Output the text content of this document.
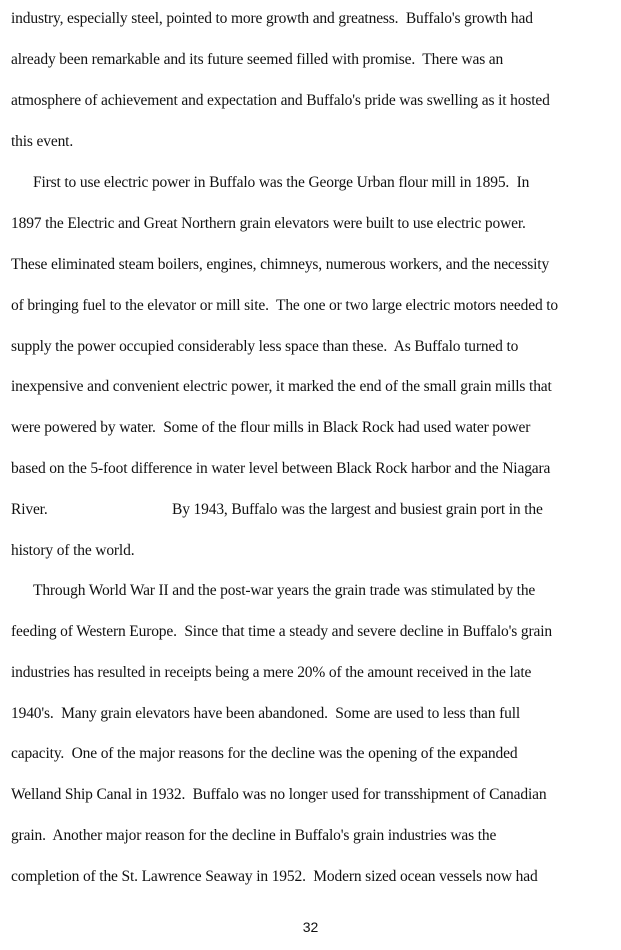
industry, especially steel, pointed to more growth and greatness.  Buffalo's growth had
already been remarkable and its future seemed filled with promise.  There was an
atmosphere of achievement and expectation and Buffalo's pride was swelling as it hosted
this event.
First to use electric power in Buffalo was the George Urban flour mill in 1895.  In
1897 the Electric and Great Northern grain elevators were built to use electric power.
These eliminated steam boilers, engines, chimneys, numerous workers, and the necessity
of bringing fuel to the elevator or mill site.  The one or two large electric motors needed to
supply the power occupied considerably less space than these.  As Buffalo turned to
inexpensive and convenient electric power, it marked the end of the small grain mills that
were powered by water.  Some of the flour mills in Black Rock had used water power
based on the 5-foot difference in water level between Black Rock harbor and the Niagara
River.	By 1943, Buffalo was the largest and busiest grain port in the
history of the world.
Through World War II and the post-war years the grain trade was stimulated by the
feeding of Western Europe.  Since that time a steady and severe decline in Buffalo's grain
industries has resulted in receipts being a mere 20% of the amount received in the late
1940's.  Many grain elevators have been abandoned.  Some are used to less than full
capacity.  One of the major reasons for the decline was the opening of the expanded
Welland Ship Canal in 1932.  Buffalo was no longer used for transshipment of Canadian
grain.  Another major reason for the decline in Buffalo's grain industries was the
completion of the St. Lawrence Seaway in 1952.  Modern sized ocean vessels now had
32
